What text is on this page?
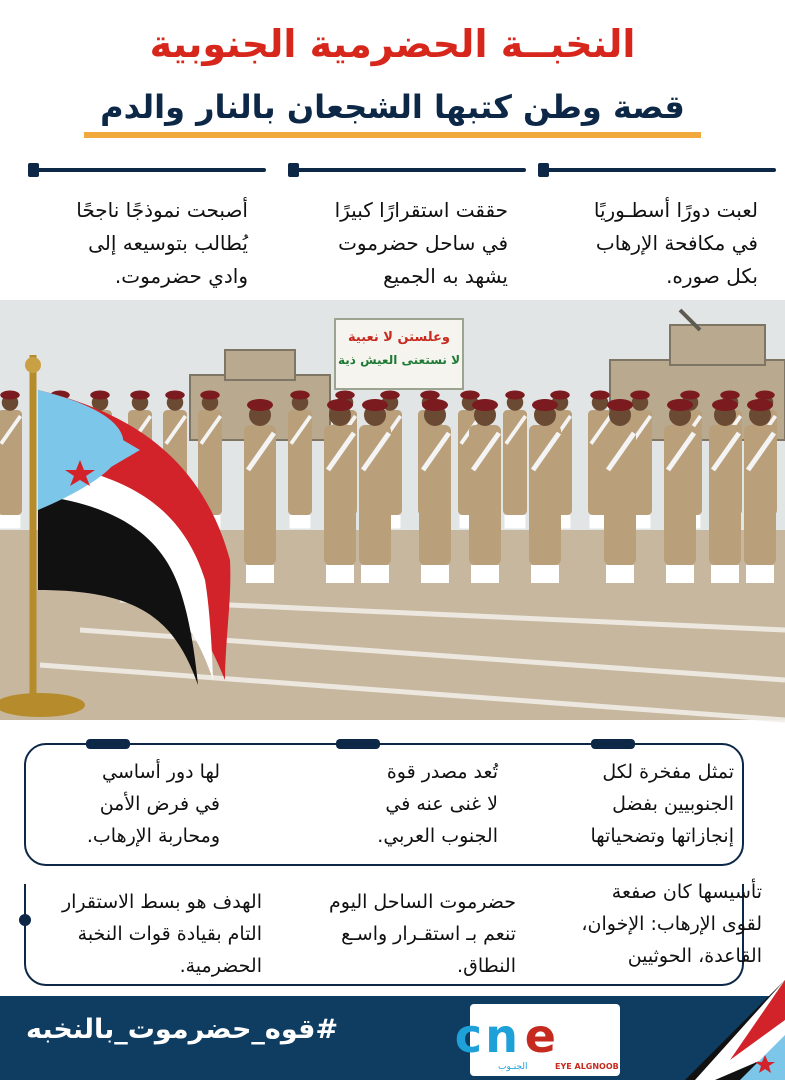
النخبــة الحضرمية الجنوبية
قصة وطن كتبها الشجعان بالنار والدم
لعبت دورًا أسطـوريًا
في مكافحة الإرهاب
بكل صوره.
حققت استقرارًا كبيرًا
في ساحل حضرموت
يشهد به الجميع
أصبحت نموذجًا ناجحًا
يُطالب بتوسيعه إلى
وادي حضرموت.
وعلستن لا نعبية
لا نستعنى العيش ذية
تمثل مفخرة لكل
الجنوبيين بفضل
إنجازاتها وتضحياتها
تُعد مصدر قوة
لا غنى عنه في
الجنوب العربي.
لها دور أساسي
في فرض الأمن
ومحاربة الإرهاب.
تأسيسها كان صفعة
لقوى الإرهاب: الإخوان،
القاعدة، الحوثيين
حضرموت الساحل اليوم
تنعم بـ استقـرار واسـع
النطاق.
الهدف هو بسط الاستقرار
التام بقيادة قوات النخبة
الحضرمية.
#قوه_حضرموت_بالنخبه	c n e
الجنـوب	EYE ALGNOOB
